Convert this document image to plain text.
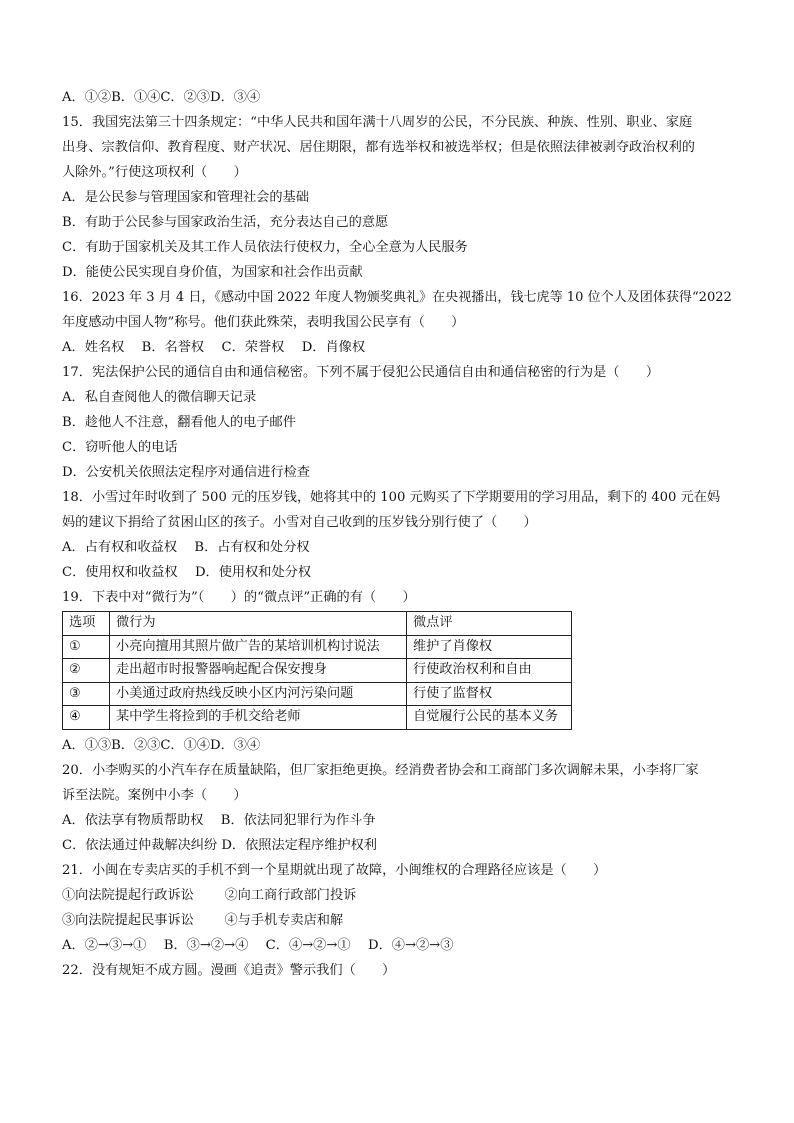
A．①②B．①④C．②③D．③④
15．我国宪法第三十四条规定：“中华人民共和国年满十八周岁的公民，不分民族、种族、性别、职业、家庭
出身、宗教信仰、教育程度、财产状况、居住期限，都有选举权和被选举权；但是依照法律被剥夺政治权利的
人除外。”行使这项权利（　　）
A．是公民参与管理国家和管理社会的基础
B．有助于公民参与国家政治生活，充分表达自己的意愿
C．有助于国家机关及其工作人员依法行使权力，全心全意为人民服务
D．能使公民实现自身价值，为国家和社会作出贡献
16．2023 年 3 月 4 日，《感动中国 2022 年度人物颁奖典礼》在央视播出，钱七虎等 10 位个人及团体获得“2022
年度感动中国人物”称号。他们获此殊荣，表明我国公民享有（　　）
A．姓名权　 B．名誉权　 C．荣誉权　 D．肖像权
17．宪法保护公民的通信自由和通信秘密。下列不属于侵犯公民通信自由和通信秘密的行为是（　　）
A．私自查阅他人的微信聊天记录
B．趁他人不注意，翻看他人的电子邮件
C．窃听他人的电话
D．公安机关依照法定程序对通信进行检查
18．小雪过年时收到了 500 元的压岁钱，她将其中的 100 元购买了下学期要用的学习用品，剩下的 400 元在妈
妈的建议下捐给了贫困山区的孩子。小雪对自己收到的压岁钱分别行使了（　　）
A．占有权和收益权　 B．占有权和处分权
C．使用权和收益权　 D．使用权和处分权
19．下表中对“微行为”（　　）的“微点评”正确的有（　　）
选项	微行为	微点评
①	小亮向擅用其照片做广告的某培训机构讨说法	维护了肖像权
②	走出超市时报警器响起配合保安搜身	行使政治权利和自由
③	小美通过政府热线反映小区内河污染问题	行使了监督权
④	某中学生将捡到的手机交给老师	自觉履行公民的基本义务
A．①③B．②③C．①④D．③④
20．小李购买的小汽车存在质量缺陷，但厂家拒绝更换。经消费者协会和工商部门多次调解未果，小李将厂家
诉至法院。案例中小李（　　）
A．依法享有物质帮助权　 B．依法同犯罪行为作斗争
C．依法通过仲裁解决纠纷 D．依照法定程序维护权利
21．小闽在专卖店买的手机不到一个星期就出现了故障，小闽维权的合理路径应该是（　　）
①向法院提起行政诉讼　　 ②向工商行政部门投诉
③向法院提起民事诉讼　　 ④与手机专卖店和解
A．②→③→①　 B．③→②→④　 C．④→②→①　 D．④→②→③
22．没有规矩不成方圆。漫画《追责》警示我们（　　）
